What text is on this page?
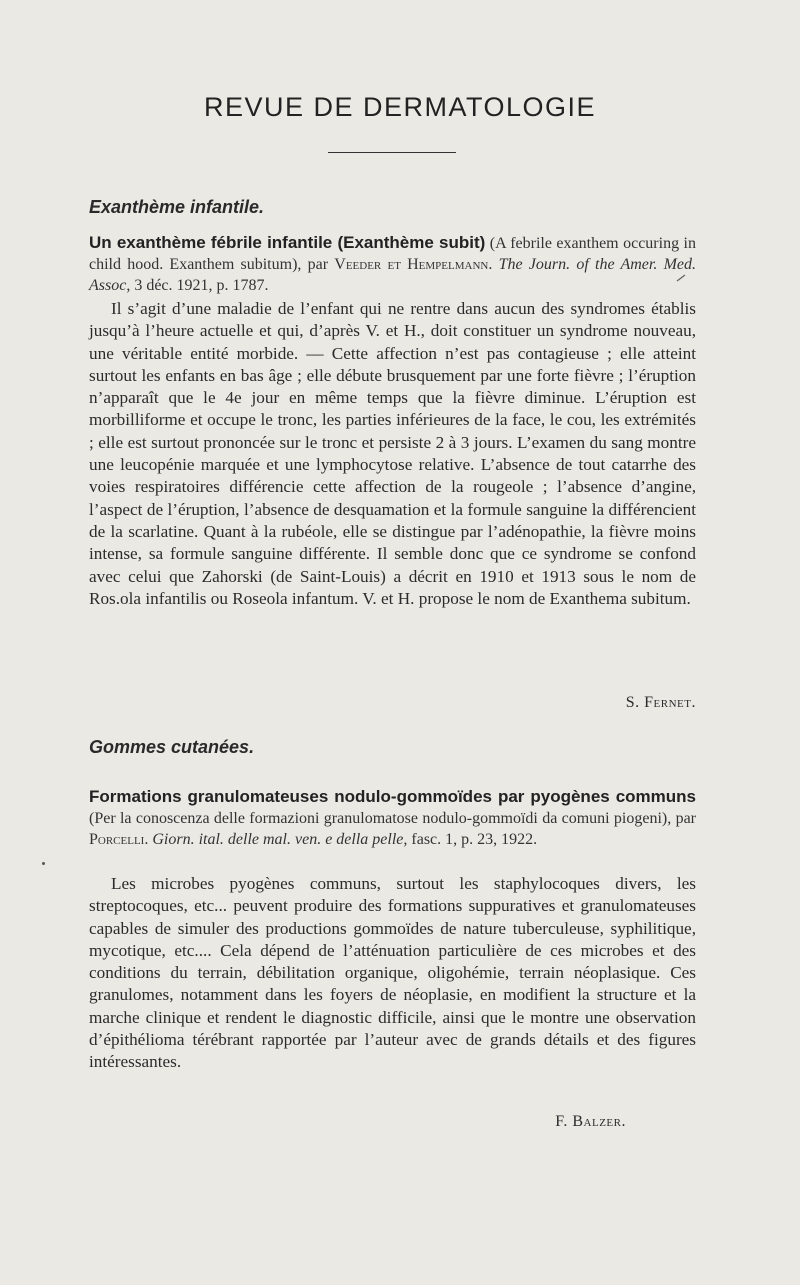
REVUE DE DERMATOLOGIE
Exanthème infantile.

Un exanthème fébrile infantile (Exanthème subit) (A febrile exanthem occuring in child hood. Exanthem subitum), par Veeder et Hempelmann. The Journ. of the Amer. Med. Assoc, 3 déc. 1921, p. 1787.

Il s’agit d’une maladie de l’enfant qui ne rentre dans aucun des syndromes établis jusqu’à l’heure actuelle et qui, d’après V. et H., doit constituer un syndrome nouveau, une véritable entité morbide. — Cette affection n’est pas contagieuse ; elle atteint surtout les enfants en bas âge ; elle débute brusquement par une forte fièvre ; l’éruption n’apparaît que le 4e jour en même temps que la fièvre diminue. L’éruption est morbilliforme et occupe le tronc, les parties inférieures de la face, le cou, les extrémités ; elle est surtout prononcée sur le tronc et persiste 2 à 3 jours. L’examen du sang montre une leucopénie marquée et une lymphocytose relative. L’absence de tout catarrhe des voies respiratoires différencie cette affection de la rougeole ; l’absence d’angine, l’aspect de l’éruption, l’absence de desquamation et la formule sanguine la différencient de la scarlatine. Quant à la rubéole, elle se distingue par l’adénopathie, la fièvre moins intense, sa formule sanguine différente. Il semble donc que ce syndrome se confond avec celui que Zahorski (de Saint-Louis) a décrit en 1910 et 1913 sous le nom de Ros.ola infantilis ou Roseola infantum. V. et H. propose le nom de Exanthema subitum.

S. Fernet.

Gommes cutanées.

Formations granulomateuses nodulo-gommoïdes par pyogènes communs (Per la conoscenza delle formazioni granulomatose nodulo-gommoïdi da comuni piogeni), par Porcelli. Giorn. ital. delle mal. ven. e della pelle, fasc. 1, p. 23, 1922.

Les microbes pyogènes communs, surtout les staphylocoques divers, les streptocoques, etc... peuvent produire des formations suppuratives et granulomateuses capables de simuler des productions gommoïdes de nature tuberculeuse, syphilitique, mycotique, etc.... Cela dépend de l’atténuation particulière de ces microbes et des conditions du terrain, débilitation organique, oligohémie, terrain néoplasique. Ces granulomes, notamment dans les foyers de néoplasie, en modifient la structure et la marche clinique et rendent le diagnostic difficile, ainsi que le montre une observation d’épithélioma térébrant rapportée par l’auteur avec de grands détails et des figures intéressantes.

F. Balzer.
